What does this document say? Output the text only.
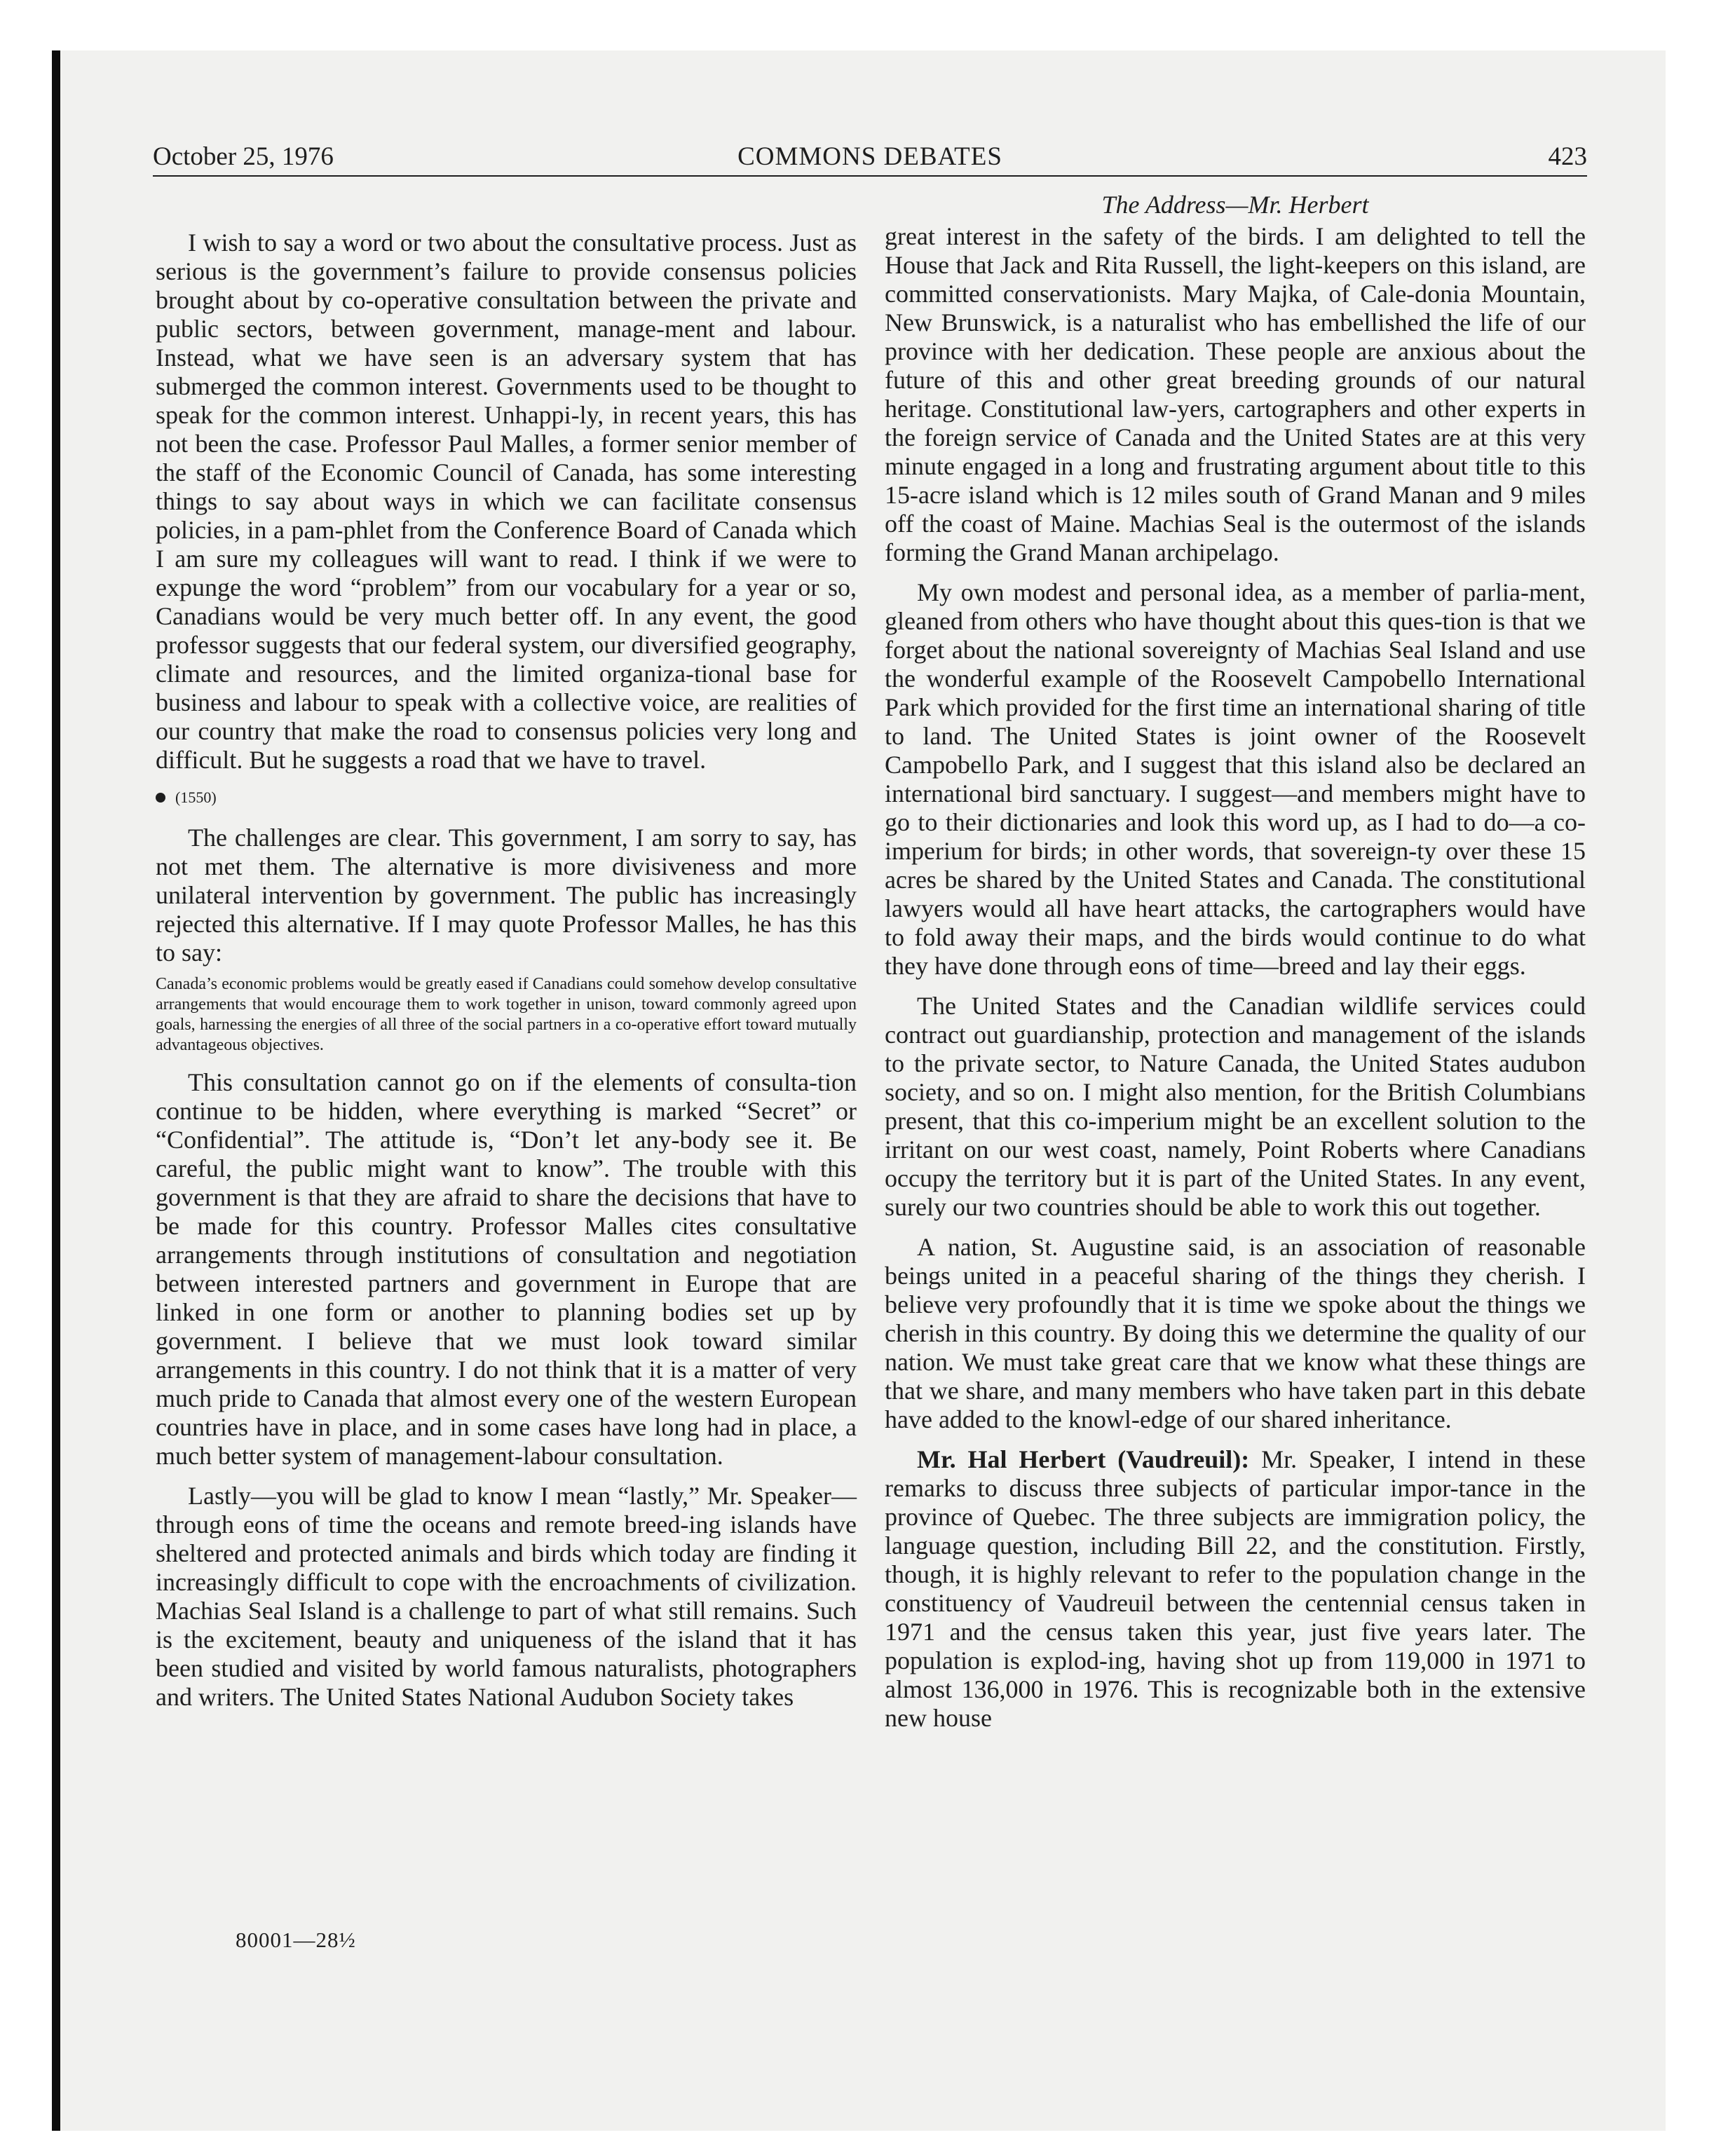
October 25, 1976	COMMONS DEBATES	423

I wish to say a word or two about the consultative process. Just as serious is the government’s failure to provide consensus policies brought about by co-operative consultation between the private and public sectors, between government, manage-ment and labour. Instead, what we have seen is an adversary system that has submerged the common interest. Governments used to be thought to speak for the common interest. Unhappi-ly, in recent years, this has not been the case. Professor Paul Malles, a former senior member of the staff of the Economic Council of Canada, has some interesting things to say about ways in which we can facilitate consensus policies, in a pam-phlet from the Conference Board of Canada which I am sure my colleagues will want to read. I think if we were to expunge the word “problem” from our vocabulary for a year or so, Canadians would be very much better off. In any event, the good professor suggests that our federal system, our diversified geography, climate and resources, and the limited organiza-tional base for business and labour to speak with a collective voice, are realities of our country that make the road to consensus policies very long and difficult. But he suggests a road that we have to travel.

(1550)

The challenges are clear. This government, I am sorry to say, has not met them. The alternative is more divisiveness and more unilateral intervention by government. The public has increasingly rejected this alternative. If I may quote Professor Malles, he has this to say:

Canada’s economic problems would be greatly eased if Canadians could somehow develop consultative arrangements that would encourage them to work together in unison, toward commonly agreed upon goals, harnessing the energies of all three of the social partners in a co-operative effort toward mutually advantageous objectives.

This consultation cannot go on if the elements of consulta-tion continue to be hidden, where everything is marked “Secret” or “Confidential”. The attitude is, “Don’t let any-body see it. Be careful, the public might want to know”. The trouble with this government is that they are afraid to share the decisions that have to be made for this country. Professor Malles cites consultative arrangements through institutions of consultation and negotiation between interested partners and government in Europe that are linked in one form or another to planning bodies set up by government. I believe that we must look toward similar arrangements in this country. I do not think that it is a matter of very much pride to Canada that almost every one of the western European countries have in place, and in some cases have long had in place, a much better system of management-labour consultation.

Lastly—you will be glad to know I mean “lastly,” Mr. Speaker—through eons of time the oceans and remote breed-ing islands have sheltered and protected animals and birds which today are finding it increasingly difficult to cope with the encroachments of civilization. Machias Seal Island is a challenge to part of what still remains. Such is the excitement, beauty and uniqueness of the island that it has been studied and visited by world famous naturalists, photographers and writers. The United States National Audubon Society takes

The Address—Mr. Herbert

great interest in the safety of the birds. I am delighted to tell the House that Jack and Rita Russell, the light-keepers on this island, are committed conservationists. Mary Majka, of Cale-donia Mountain, New Brunswick, is a naturalist who has embellished the life of our province with her dedication. These people are anxious about the future of this and other great breeding grounds of our natural heritage. Constitutional law-yers, cartographers and other experts in the foreign service of Canada and the United States are at this very minute engaged in a long and frustrating argument about title to this 15-acre island which is 12 miles south of Grand Manan and 9 miles off the coast of Maine. Machias Seal is the outermost of the islands forming the Grand Manan archipelago.

My own modest and personal idea, as a member of parlia-ment, gleaned from others who have thought about this ques-tion is that we forget about the national sovereignty of Machias Seal Island and use the wonderful example of the Roosevelt Campobello International Park which provided for the first time an international sharing of title to land. The United States is joint owner of the Roosevelt Campobello Park, and I suggest that this island also be declared an international bird sanctuary. I suggest—and members might have to go to their dictionaries and look this word up, as I had to do—a co-imperium for birds; in other words, that sovereign-ty over these 15 acres be shared by the United States and Canada. The constitutional lawyers would all have heart attacks, the cartographers would have to fold away their maps, and the birds would continue to do what they have done through eons of time—breed and lay their eggs.

The United States and the Canadian wildlife services could contract out guardianship, protection and management of the islands to the private sector, to Nature Canada, the United States audubon society, and so on. I might also mention, for the British Columbians present, that this co-imperium might be an excellent solution to the irritant on our west coast, namely, Point Roberts where Canadians occupy the territory but it is part of the United States. In any event, surely our two countries should be able to work this out together.

A nation, St. Augustine said, is an association of reasonable beings united in a peaceful sharing of the things they cherish. I believe very profoundly that it is time we spoke about the things we cherish in this country. By doing this we determine the quality of our nation. We must take great care that we know what these things are that we share, and many members who have taken part in this debate have added to the knowl-edge of our shared inheritance.

Mr. Hal Herbert (Vaudreuil): Mr. Speaker, I intend in these remarks to discuss three subjects of particular impor-tance in the province of Quebec. The three subjects are immigration policy, the language question, including Bill 22, and the constitution. Firstly, though, it is highly relevant to refer to the population change in the constituency of Vaudreuil between the centennial census taken in 1971 and the census taken this year, just five years later. The population is explod-ing, having shot up from 119,000 in 1971 to almost 136,000 in 1976. This is recognizable both in the extensive new house

80001—28½
